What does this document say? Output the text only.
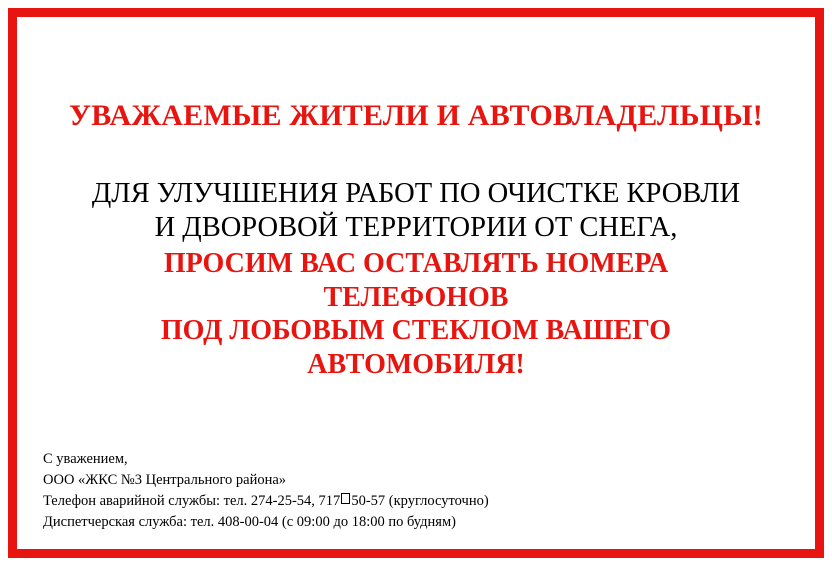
УВАЖАЕМЫЕ ЖИТЕЛИ И АВТОВЛАДЕЛЬЦЫ!
ДЛЯ УЛУЧШЕНИЯ РАБОТ ПО ОЧИСТКЕ КРОВЛИ
И ДВОРОВОЙ ТЕРРИТОРИИ ОТ СНЕГА,
ПРОСИМ ВАС ОСТАВЛЯТЬ НОМЕРА
ТЕЛЕФОНОВ
ПОД ЛОБОВЫМ СТЕКЛОМ ВАШЕГО
АВТОМОБИЛЯ!
С уважением,
ООО «ЖКС №3 Центрального района»
Телефон аварийной службы: тел. 274-25-54, 717 50-57 (круглосуточно)
Диспетчерская служба: тел. 408-00-04 (с 09:00 до 18:00 по будням)
